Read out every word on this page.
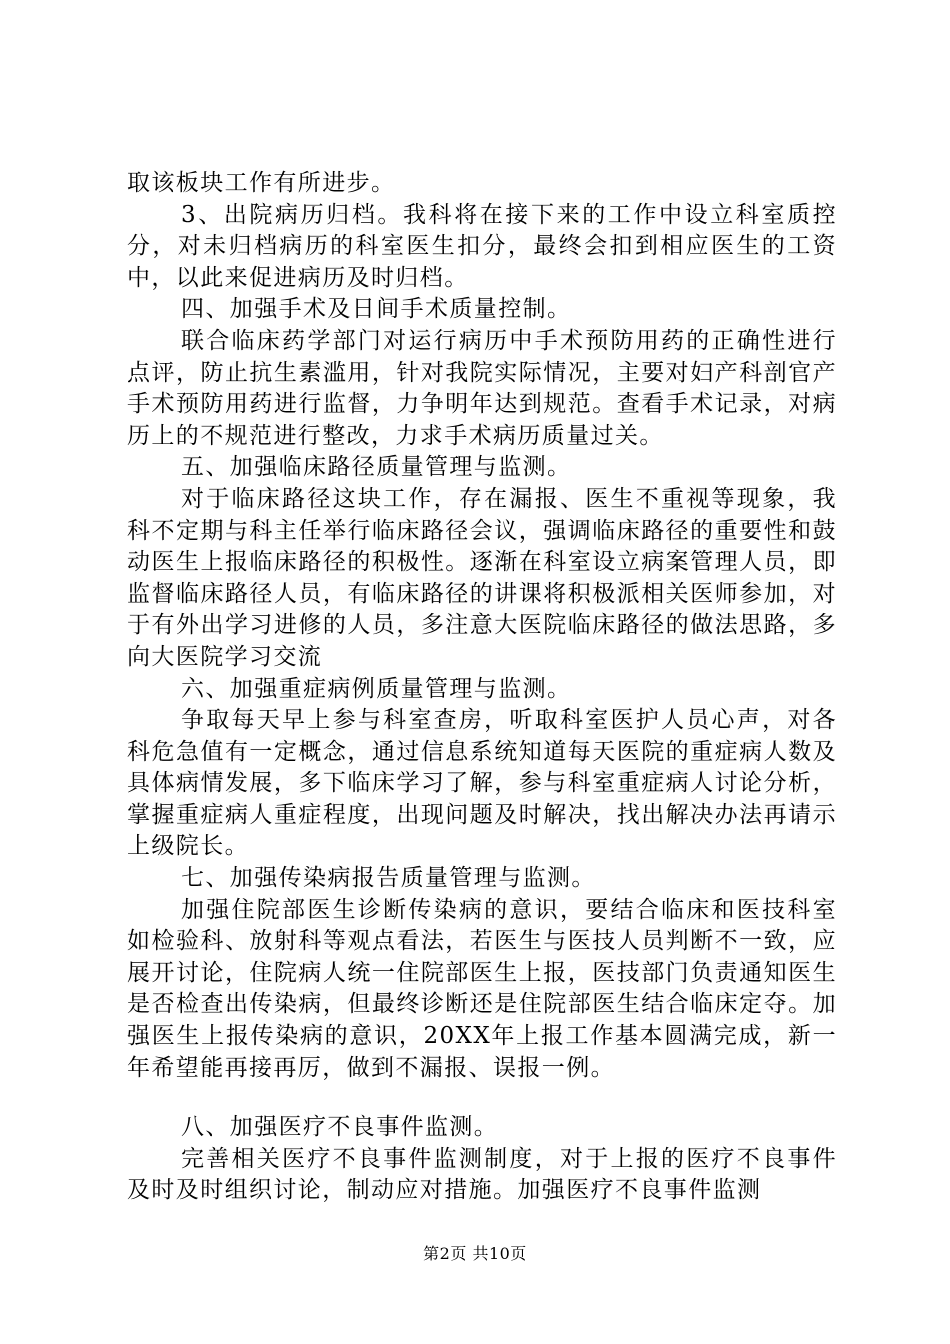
取该板块工作有所进步。

3、出院病历归档。我科将在接下来的工作中设立科室质控分，对未归档病历的科室医生扣分，最终会扣到相应医生的工资中，以此来促进病历及时归档。

四、加强手术及日间手术质量控制。

联合临床药学部门对运行病历中手术预防用药的正确性进行点评，防止抗生素滥用，针对我院实际情况，主要对妇产科剖官产手术预防用药进行监督，力争明年达到规范。查看手术记录，对病历上的不规范进行整改，力求手术病历质量过关。

五、加强临床路径质量管理与监测。

对于临床路径这块工作，存在漏报、医生不重视等现象，我科不定期与科主任举行临床路径会议，强调临床路径的重要性和鼓动医生上报临床路径的积极性。逐渐在科室设立病案管理人员，即监督临床路径人员，有临床路径的讲课将积极派相关医师参加，对于有外出学习进修的人员，多注意大医院临床路径的做法思路，多向大医院学习交流

六、加强重症病例质量管理与监测。

争取每天早上参与科室查房，听取科室医护人员心声，对各科危急值有一定概念，通过信息系统知道每天医院的重症病人数及具体病情发展，多下临床学习了解，参与科室重症病人讨论分析，掌握重症病人重症程度，出现问题及时解决，找出解决办法再请示上级院长。

七、加强传染病报告质量管理与监测。

加强住院部医生诊断传染病的意识，要结合临床和医技科室如检验科、放射科等观点看法，若医生与医技人员判断不一致，应展开讨论，住院病人统一住院部医生上报，医技部门负责通知医生是否检查出传染病，但最终诊断还是住院部医生结合临床定夺。加强医生上报传染病的意识，20XX年上报工作基本圆满完成，新一年希望能再接再厉，做到不漏报、误报一例。

八、加强医疗不良事件监测。

完善相关医疗不良事件监测制度，对于上报的医疗不良事件及时及时组织讨论，制动应对措施。加强医疗不良事件监测

第2页 共10页
